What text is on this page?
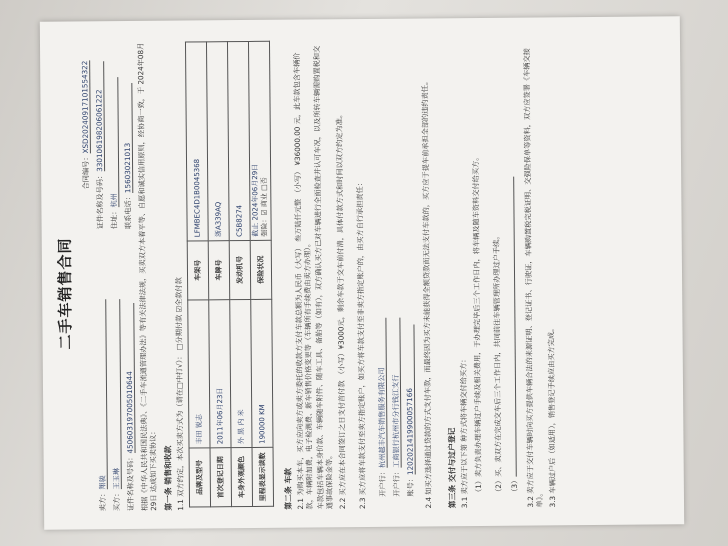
二手车销售合同
合同编号：XSD20240917101554322
卖方：翔骏
证件名称及号码：330106198206061222
买方：王玉琳
住址：杭州
证件名称及号码：450603197005010644
联系电话：15603021013 根据《中华人民共和国民法典》、《二手车流通管理办法》等有关法律法规，买卖双方本着平等、自愿和诚实信用原则，经协商一致，于 2024年08月29日 达成如下买卖协议： 第一条 销售和收款 1.1 双方约定，本次买卖方式为（请在□中打√）： □分期付款 ☑全款付款 品牌及型号	丰田 锐志	车架号	LFMBEC4D1B0045368
首次登记日期	2011年06月23日	车牌号	浙A339AQ
车身外观颜色	外 黑 内 米	发动机号	C5B8274
里程表显示读数	190000 KM	保险状况	截止 2024年06月29日 强险：☑ 商业 □否
第二条 车款 2.1 为购买本车，买方应向卖方或卖方委托的收款方支付车款总额为人民币（大写） 叁万陆仟元整 （小写） ¥36000.00 元，此车款包含车辆价款，车辆附加费，电子检测费、新车销售价格变更等（车辆所有手续费由卖方办理）。
车款包括车辆本身价款、车辆随车附件、随车工具、备胎等（如有），双方确认买方已对车辆进行全面检查并认可车况，以及所转车辆需购置税和交通事故保险金等。 2.2 买方应在本合同签订之日支付首付款 （小写）¥3000元，剩余车款于交车前付清，具体付款方式和时间以双方约定为准。 2.3 买方应将车款支付至卖方指定账户，如买方将车款支付至非卖方指定账户的，由买方自行承担责任： 开户行：杭州越丰汽车销售服务有限公司
开户行：工商银行杭州市分行钱江支行
账号：1202021419900057166 2.4 如买方选择通过贷款的方式支付车款，而最终因为买方未能获得全额贷款而无法支付车款的，买方应于提车前承担全部的违约责任。 第三条 交付与过户登记 3.1 卖方应于以下第 种方式将车辆交付给买方： （1）卖方负责办理车辆过户手续及相关费用，于办理完毕后三个工作日内，将车辆及随车资料交付给买方。 （2）买、卖双方在完成交车后三个工作日内，共同前往车辆管理所办理过户手续。 （3） 3.2 卖方应于交付车辆时向买方提供车辆合法的来源证明、登记证书、行驶证，车辆购置税完税证明、交强险保单等资料，双方应签署《车辆交接单》。 3.3 车辆过户后（如适用），销售登记手续应由买方完成。
